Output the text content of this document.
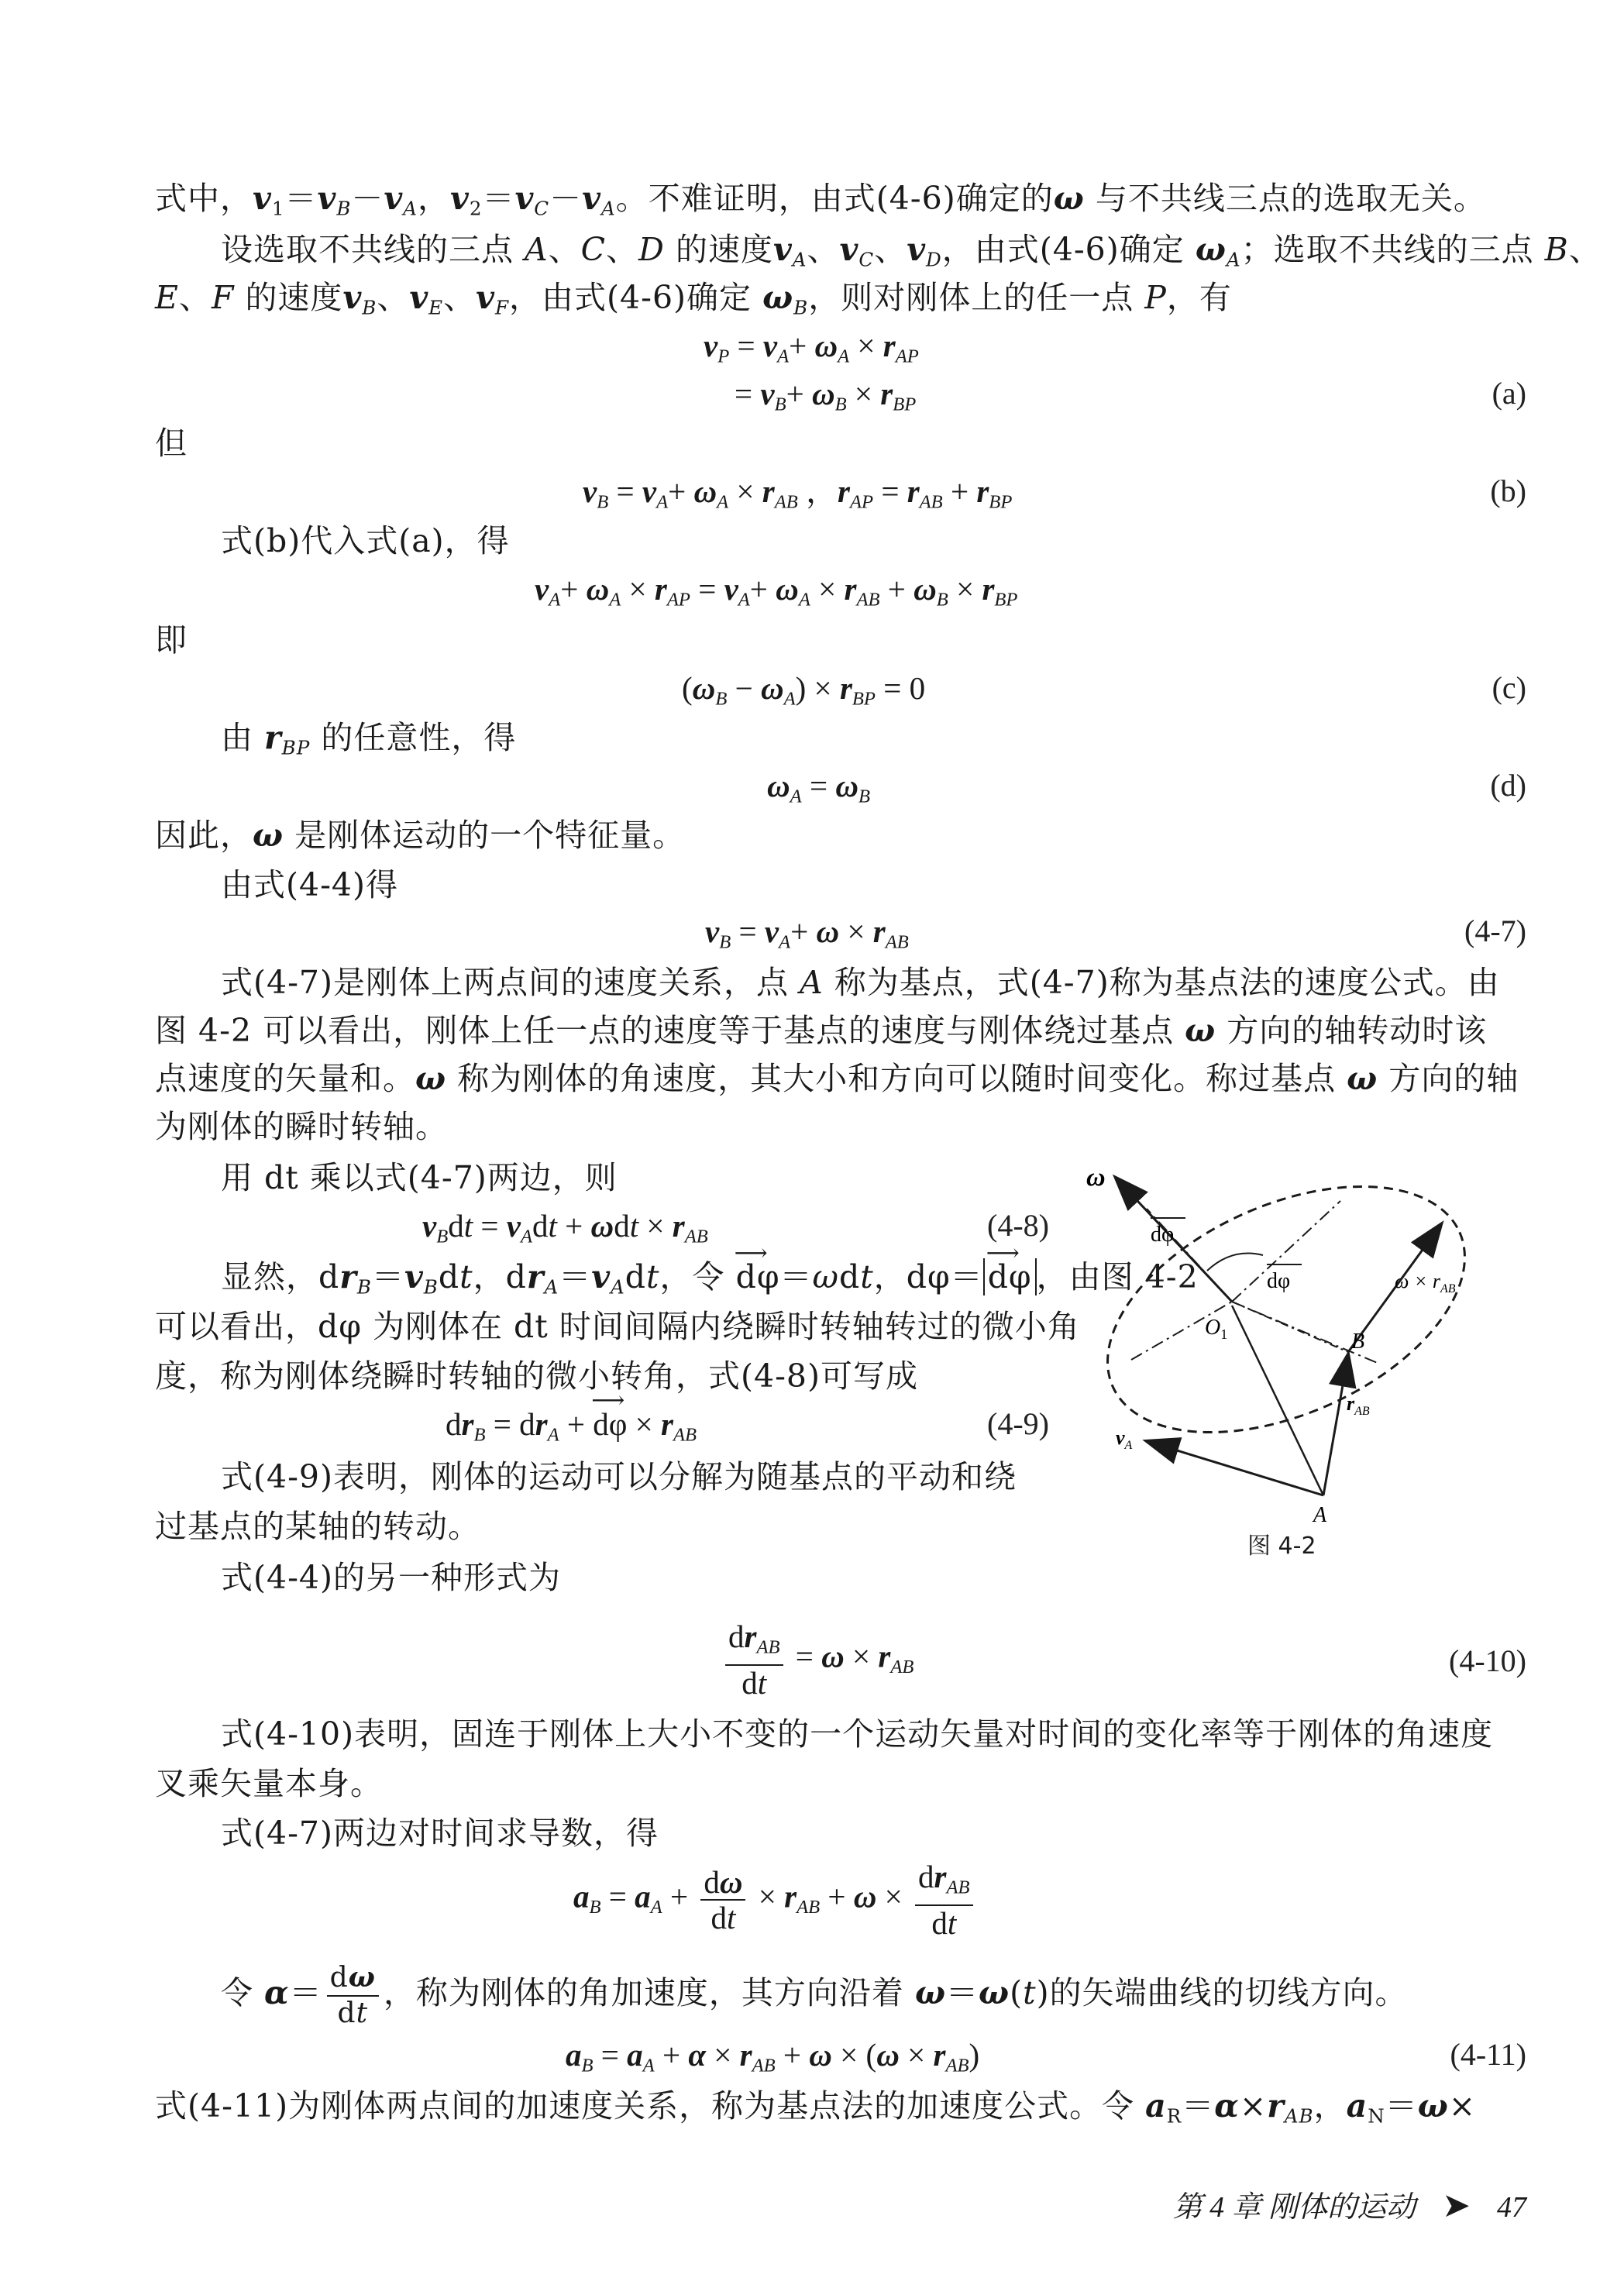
式中，$v_1=v_B-v_A$，$v_2=v_C-v_A$。不难证明，由式(4-6)确定的ω 与不共线三点的选取无关。
设选取不共线的三点 A、C、D 的速度$v_A$、$v_C$、$v_D$，由式(4-6)确定 $\omega_A$；选取不共线的三点 B、
E、F 的速度$v_B$、$v_E$、$v_F$，由式(4-6)确定 $\omega_B$，则对刚体上的任一点 P，有
$v_P = v_A+ \omega_A \times r_{AP}$
= $v_B+ \omega_B \times r_{BP}$	(a)
但
$v_B = v_A+ \omega_A \times r_{AB}$ ，$r_{AP} = r_{AB} + r_{BP}$	(b)
式(b)代入式(a)，得
$v_A+ \omega_A \times r_{AP} = v_A+ \omega_A \times r_{AB} + \omega_B \times r_{BP}$
即
$(\omega_B - \omega_A) \times r_{BP} = 0$	(c)
由 $r_{BP}$ 的任意性，得
$\omega_A = \omega_B$	(d)
因此，ω 是刚体运动的一个特征量。
由式(4-4)得
$v_B = v_A+ \omega \times r_{AB}$	(4-7)
式(4-7)是刚体上两点间的速度关系，点 A 称为基点，式(4-7)称为基点法的速度公式。由
图 4-2 可以看出，刚体上任一点的速度等于基点的速度与刚体绕过基点 ω 方向的轴转动时该
点速度的矢量和。ω 称为刚体的角速度，其大小和方向可以随时间变化。称过基点 ω 方向的轴
为刚体的瞬时转轴。
用 dt 乘以式(4-7)两边，则
$v_Bdt = v_Adt + \omega dt \times r_{AB}$	(4-8)
显然，$dr_B=v_Bdt$，$dr_A=v_Adt$，令 ⟶ dφ＝ωdt，dφ＝⟶ dφ ，由图 4-2
可以看出，dφ 为刚体在 dt 时间间隔内绕瞬时转轴转过的微小角
度，称为刚体绕瞬时转轴的微小转角，式(4-8)可写成
$dr_B = dr_A$ + ⟶ $d\varphi \times r_{AB}$	(4-9)
式(4-9)表明，刚体的运动可以分解为随基点的平动和绕
过基点的某轴的转动。
ω
dφ
dφ	$\omega \times r_{AB}$
$O_1$	B
$r_{AB}$
$v_A$
A
图 4-2
式(4-4)的另一种形式为
$\frac{dr_{AB}}{dt} = \omega \times r_{AB}$	(4-10)
式(4-10)表明，固连于刚体上大小不变的一个运动矢量对时间的变化率等于刚体的角速度
叉乘矢量本身。
式(4-7)两边对时间求导数，得
$a_B = a_A + \frac{d\omega}{dt} \times r_{AB} + \omega \times \frac{dr_{AB}}{dt}$
令 $\alpha= \frac{d\omega}{dt}$ ，称为刚体的角加速度，其方向沿着 ω＝ω(t)的矢端曲线的切线方向。
$a_B = a_A + \alpha \times r_{AB} + \omega \times (\omega \times r_{AB})$	(4-11)
式(4-11)为刚体两点间的加速度关系，称为基点法的加速度公式。令 $a_R=\alpha\times r_{AB}$，$a_N=\omega\times$
第 4 章 刚体的运动 ➤ 47
